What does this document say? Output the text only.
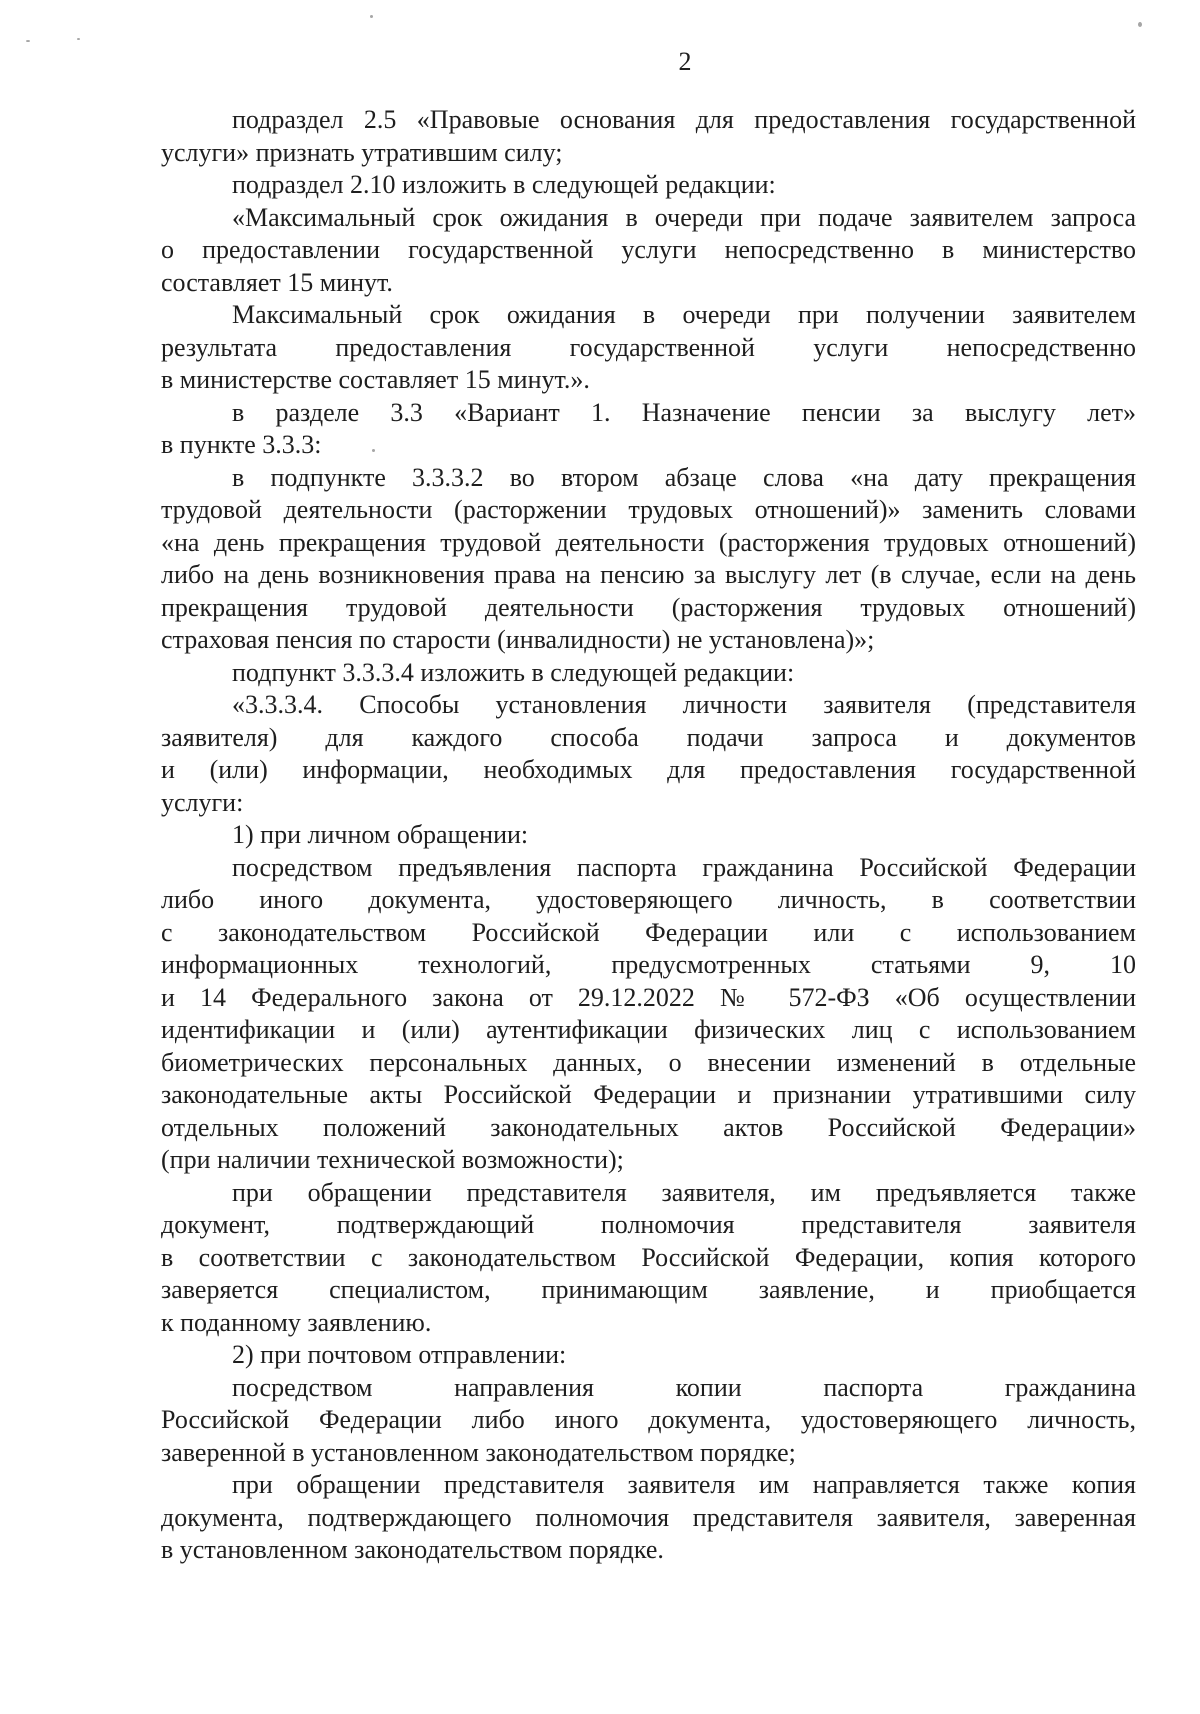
2
подраздел 2.5 «Правовые основания для предоставления государственной
услуги» признать утратившим силу;
подраздел 2.10 изложить в следующей редакции:
«Максимальный срок ожидания в очереди при подаче заявителем запроса
о предоставлении государственной услуги непосредственно в министерство
составляет 15 минут.
Максимальный срок ожидания в очереди при получении заявителем
результата предоставления государственной услуги непосредственно
в министерстве составляет 15 минут.».
в разделе 3.3 «Вариант 1. Назначение пенсии за выслугу лет»
в пункте 3.3.3:
в подпункте 3.3.3.2 во втором абзаце слова «на дату прекращения
трудовой деятельности (расторжении трудовых отношений)» заменить словами
«на день прекращения трудовой деятельности (расторжения трудовых отношений)
либо на день возникновения права на пенсию за выслугу лет (в случае, если на день
прекращения трудовой деятельности (расторжения трудовых отношений)
страховая пенсия по старости (инвалидности) не установлена)»;
подпункт 3.3.3.4 изложить в следующей редакции:
«3.3.3.4. Способы установления личности заявителя (представителя
заявителя) для каждого способа подачи запроса и документов
и (или) информации, необходимых для предоставления государственной
услуги:
1) при личном обращении:
посредством предъявления паспорта гражданина Российской Федерации
либо иного документа, удостоверяющего личность, в соответствии
с законодательством Российской Федерации или с использованием
информационных технологий, предусмотренных статьями 9, 10
и 14 Федерального закона от 29.12.2022 № 572-ФЗ «Об осуществлении
идентификации и (или) аутентификации физических лиц с использованием
биометрических персональных данных, о внесении изменений в отдельные
законодательные акты Российской Федерации и признании утратившими силу
отдельных положений законодательных актов Российской Федерации»
(при наличии технической возможности);
при обращении представителя заявителя, им предъявляется также
документ, подтверждающий полномочия представителя заявителя
в соответствии с законодательством Российской Федерации, копия которого
заверяется специалистом, принимающим заявление, и приобщается
к поданному заявлению.
2) при почтовом отправлении:
посредством направления копии паспорта гражданина
Российской Федерации либо иного документа, удостоверяющего личность,
заверенной в установленном законодательством порядке;
при обращении представителя заявителя им направляется также копия
документа, подтверждающего полномочия представителя заявителя, заверенная
в установленном законодательством порядке.
